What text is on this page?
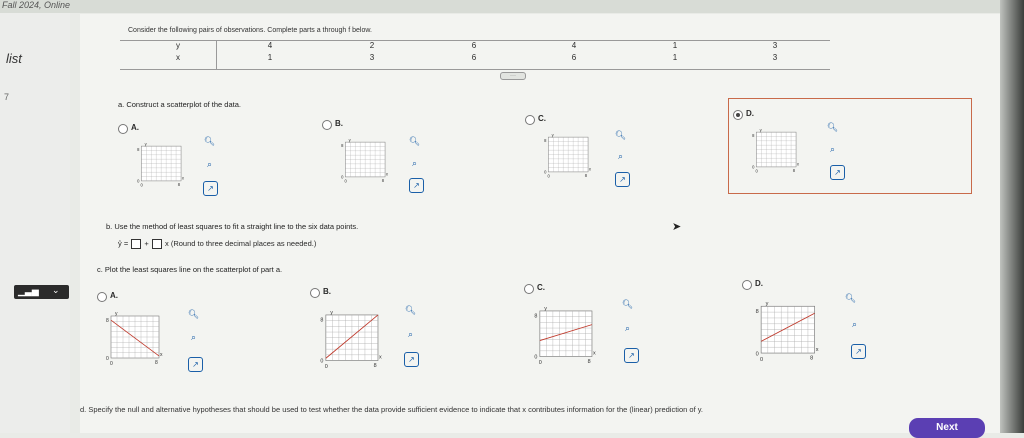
Fall 2024, Online
list
7
Consider the following pairs of observations. Complete parts a through f below.
y	4	2	6	4	1	3
x	1	3	6	6	1	3
···
a. Construct a scatterplot of the data.
A.
y
x
8
8
0
0
B.
y
x
8
8
0
0
C.
y
x
8
8
0
0
D.
y
x
8
8
0
0
🔍︎
⌕
↗
🔍︎
⌕
↗
🔍︎
⌕
↗
🔍︎
⌕
↗
b. Use the method of least squares to fit a straight line to the six data points.
ŷ = + x (Round to three decimal places as needed.)
c. Plot the least squares line on the scatterplot of part a.
▁▃▅ ⌄
A.
y
x
8
8
0
0
B.
y
x
8
8
0
0
C.
y
x
8
8
0
0
D.
y
x
8
8
0
0
🔍︎
⌕
↗
🔍︎
⌕
↗
🔍︎
⌕
↗
🔍︎
⌕
↗
➤
d. Specify the null and alternative hypotheses that should be used to test whether the data provide sufficient evidence to indicate that x contributes information for the (linear) prediction of y.
Next
